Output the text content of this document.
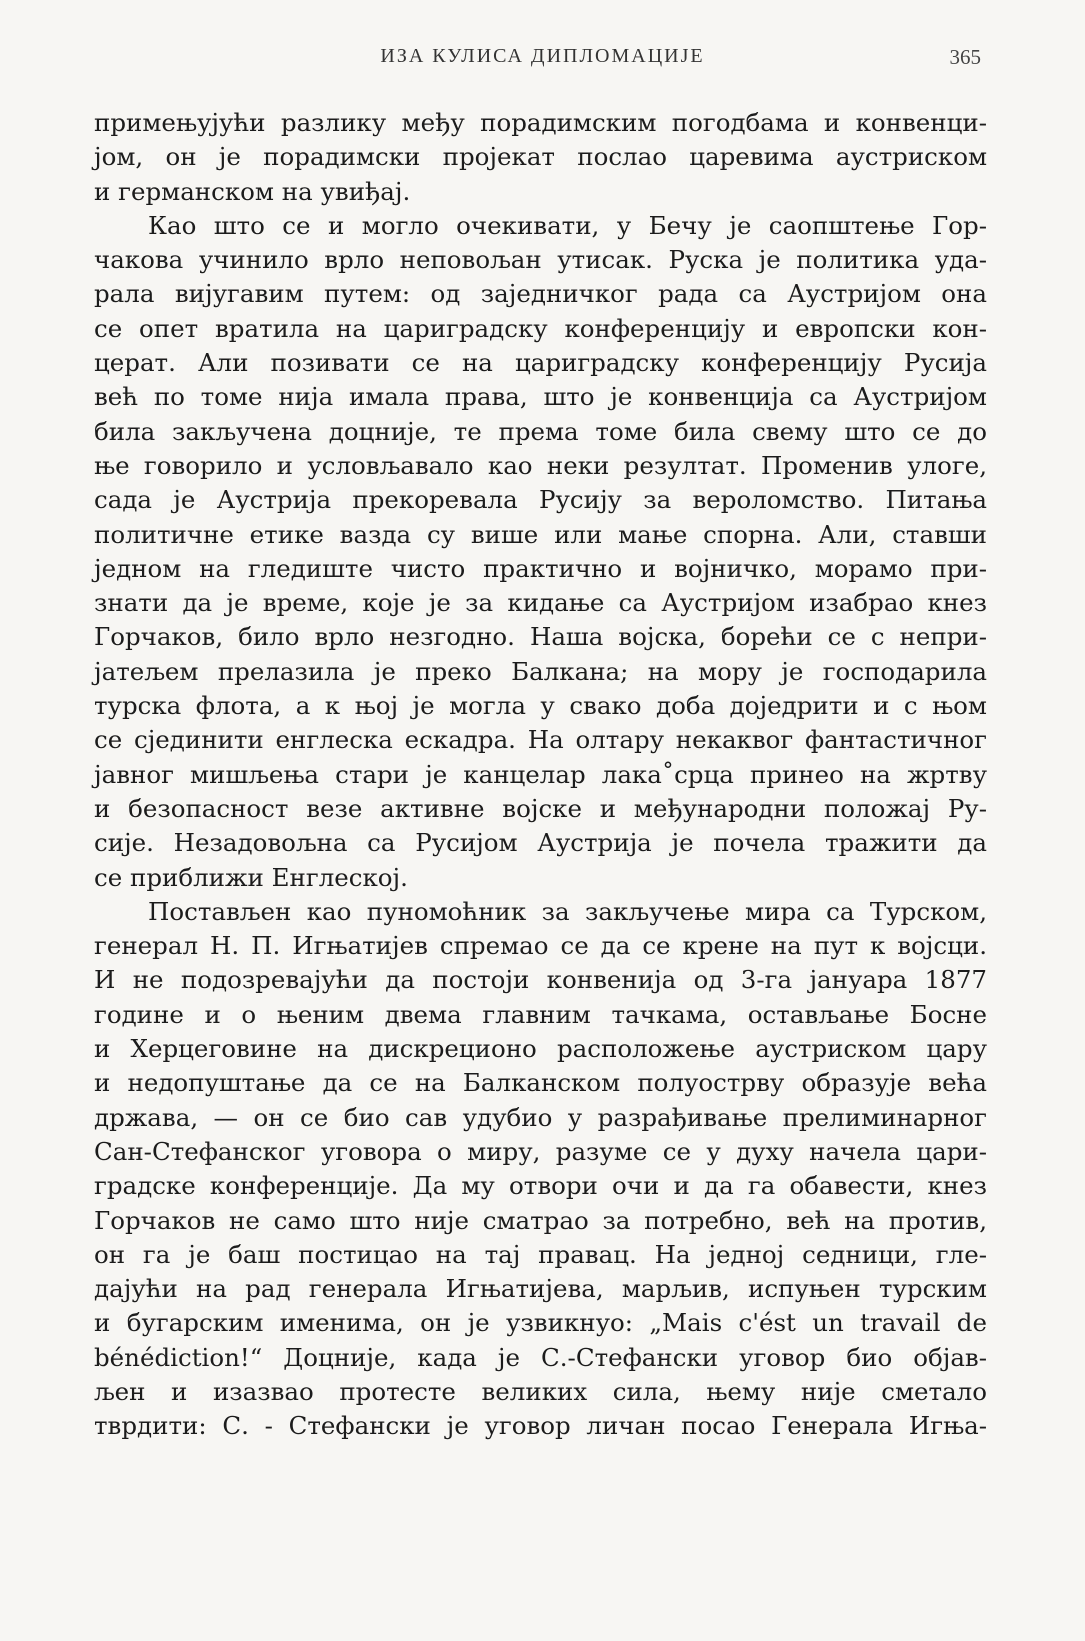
ИЗА КУЛИСА ДИПЛОМАЦИЈЕ	365
примењујући разлику међу порадимским погодбама и конвенци-
јом, он је порадимски пројекат послао царевима аустриском
и германском на увиђај.
Као што се и могло очекивати, у Бечу је саопштење Гор-
чакова учинило врло неповољан утисак. Руска је политика уда-
рала вијугавим путем: од заједничког рада са Аустријом она
се опет вратила на цариградску конференцију и европски кон-
церат. Али позивати се на цариградску конференцију Русија
већ по томе нија имала права, што је конвенција са Аустријом
била закључена доцније, те према томе била свему што се до
ње говорило и условљавало као неки резултат. Променив улоге,
сада је Аустрија прекоревала Русију за вероломство. Питања
политичне етике вазда су више или мање спорна. Али, ставши
једном на гледиште чисто практично и војничко, морамо при-
знати да је време, које је за кидање са Аустријом изабрао кнез
Горчаков, било врло незгодно. Наша војска, борећи се с непри-
јатељем прелазила је преко Балкана; на мору је господарила
турска флота, а к њој је могла у свако доба доједрити и с њом
се сјединити енглеска ескадра. На олтару некаквог фантастичног
јавног мишљења стари је канцелар лака˚срца принео на жртву
и безопасност везе активне војске и међународни положај Ру-
сије. Незадовољна са Русијом Аустрија је почела тражити да
се приближи Енглеској.
Постављен као пуномоћник за закључење мира са Турском,
генерал Н. П. Игњатијев спремао се да се крене на пут к војсци.
И не подозревајући да постоји конвенија од 3-га јануара 1877
године и о њеним двема главним тачкама, остављање Босне
и Херцеговине на дискреционо расположење аустриском цару
и недопуштање да се на Балканском полуострву образује већа
држава, — он се био сав удубио у разрађивање прелиминарног
Сан-Стефанског уговора о миру, разуме се у духу начела цари-
градске конференције. Да му отвори очи и да га обавести, кнез
Горчаков не само што није сматрао за потребно, већ на против,
он га је баш постицао на тај правац. На једној седници, гле-
дајући на рад генерала Игњатијева, марљив, испуњен турским
и бугарским именима, он је узвикнуо: „Mais c'ést un travail de
bénédiction!“ Доцније, када је С.-Стефански уговор био објав-
љен и изазвао протесте великих сила, њему није сметало
тврдити: С. - Стефански је уговор личан посао Генерала Игња-
